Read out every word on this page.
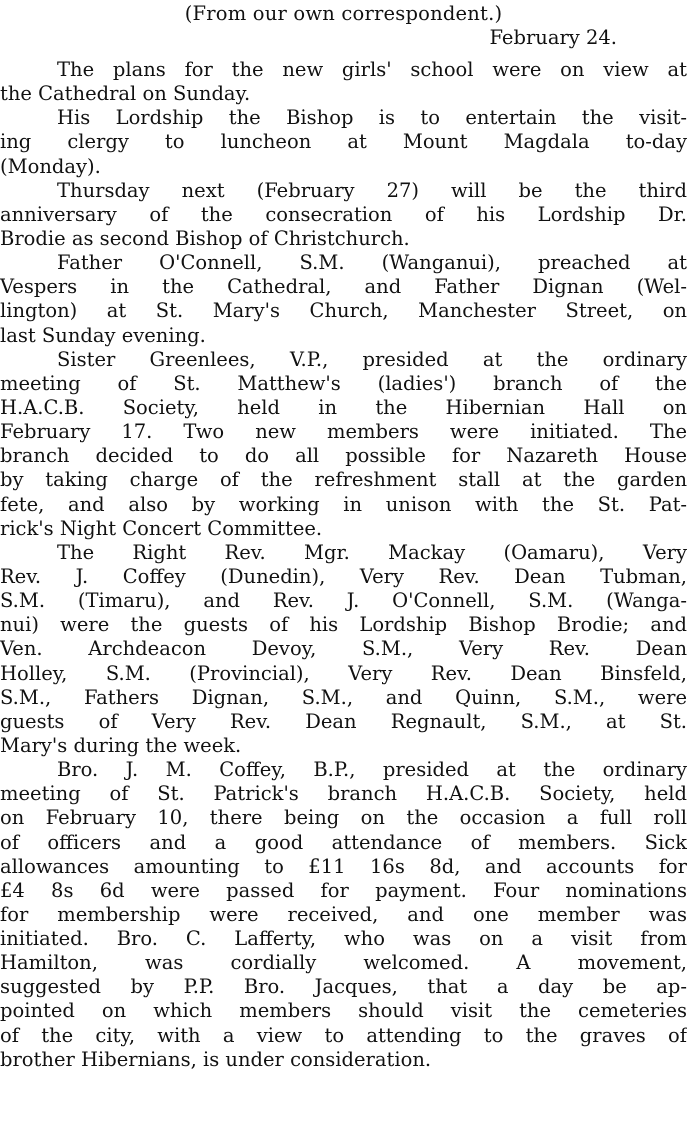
(From our own correspondent.)
February 24.
The plans for the new girls' school were on view at
the Cathedral on Sunday.
His Lordship the Bishop is to entertain the visit-
ing clergy to luncheon at Mount Magdala to-day
(Monday).
Thursday next (February 27) will be the third
anniversary of the consecration of his Lordship Dr.
Brodie as second Bishop of Christchurch.
Father O'Connell, S.M. (Wanganui), preached at
Vespers in the Cathedral, and Father Dignan (Wel-
lington) at St. Mary's Church, Manchester Street, on
last Sunday evening.
Sister Greenlees, V.P., presided at the ordinary
meeting of St. Matthew's (ladies') branch of the
H.A.C.B. Society, held in the Hibernian Hall on
February 17. Two new members were initiated. The
branch decided to do all possible for Nazareth House
by taking charge of the refreshment stall at the garden
fete, and also by working in unison with the St. Pat-
rick's Night Concert Committee.
The Right Rev. Mgr. Mackay (Oamaru), Very
Rev. J. Coffey (Dunedin), Very Rev. Dean Tubman,
S.M. (Timaru), and Rev. J. O'Connell, S.M. (Wanga-
nui) were the guests of his Lordship Bishop Brodie; and
Ven. Archdeacon Devoy, S.M., Very Rev. Dean
Holley, S.M. (Provincial), Very Rev. Dean Binsfeld,
S.M., Fathers Dignan, S.M., and Quinn, S.M., were
guests of Very Rev. Dean Regnault, S.M., at St.
Mary's during the week.
Bro. J. M. Coffey, B.P., presided at the ordinary
meeting of St. Patrick's branch H.A.C.B. Society, held
on February 10, there being on the occasion a full roll
of officers and a good attendance of members. Sick
allowances amounting to £11 16s 8d, and accounts for
£4 8s 6d were passed for payment. Four nominations
for membership were received, and one member was
initiated. Bro. C. Lafferty, who was on a visit from
Hamilton, was cordially welcomed. A movement,
suggested by P.P. Bro. Jacques, that a day be ap-
pointed on which members should visit the cemeteries
of the city, with a view to attending to the graves of
brother Hibernians, is under consideration.
